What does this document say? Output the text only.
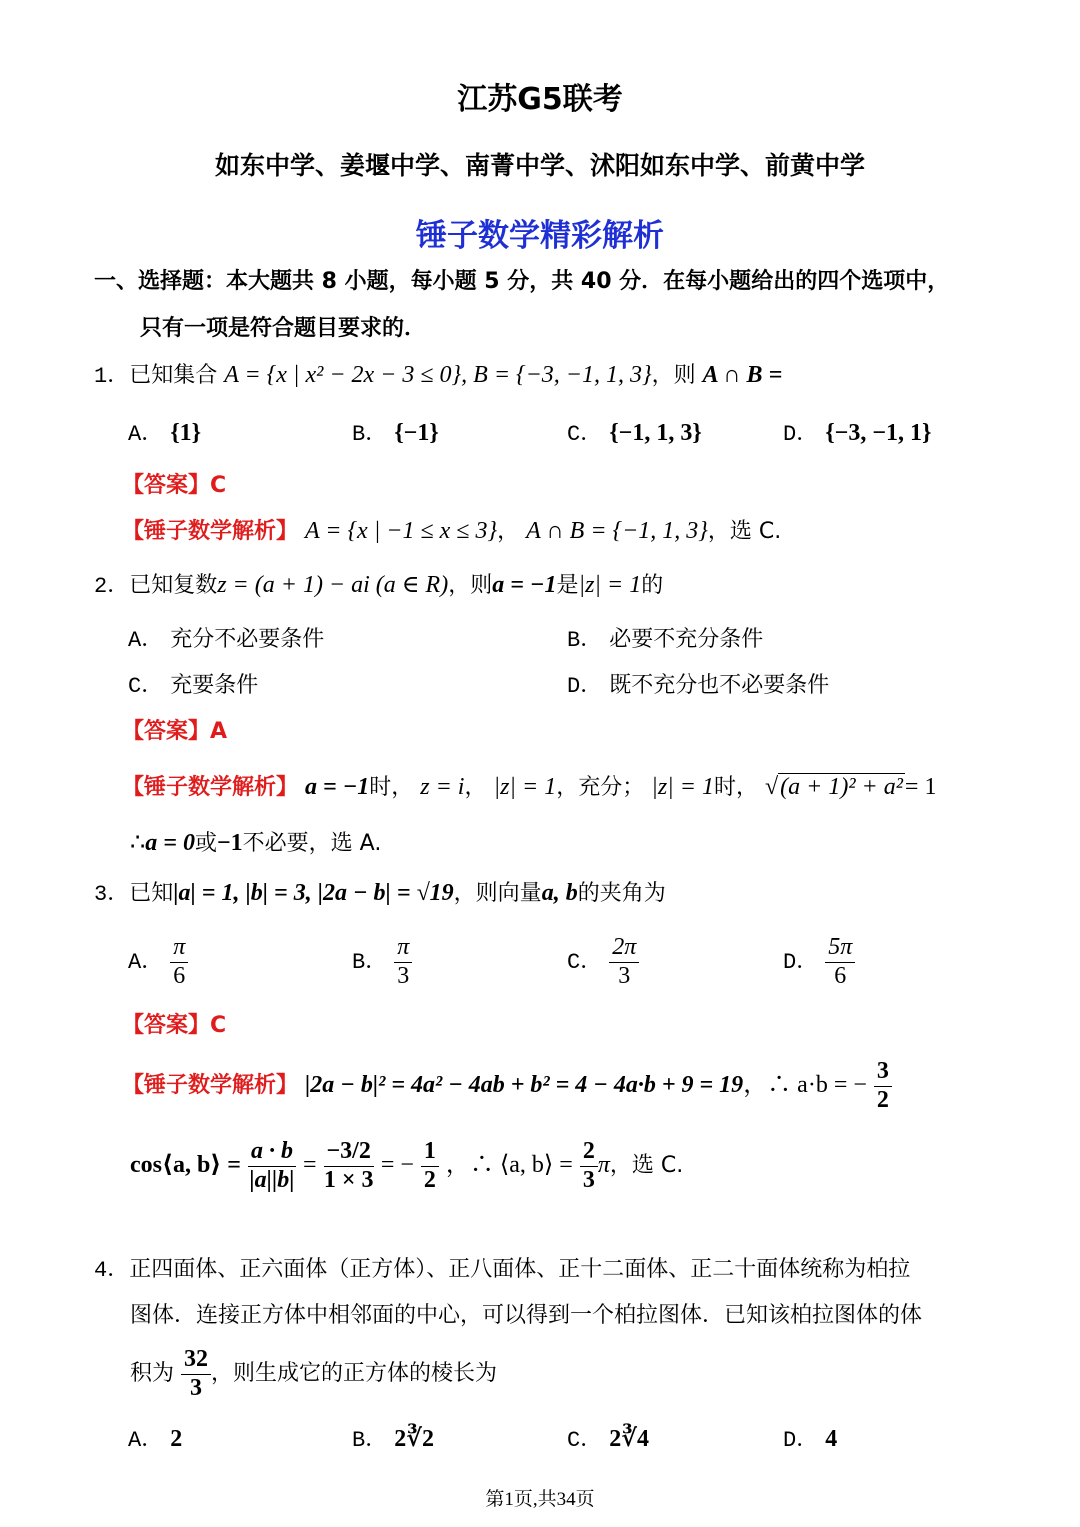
江苏G5联考
如东中学、姜堰中学、南菁中学、沭阳如东中学、前黄中学
锤子数学精彩解析
一、选择题：本大题共 8 小题，每小题 5 分，共 40 分．在每小题给出的四个选项中，
只有一项是符合题目要求的．
1．已知集合 A = {x | x² − 2x − 3 ≤ 0}, B = {−3, −1, 1, 3}，则 A ∩ B =
A． {1}	B． {−1}	C． {−1, 1, 3}	D． {−3, −1, 1}
【答案】C
【锤子数学解析】 A = {x | −1 ≤ x ≤ 3}， A ∩ B = {−1, 1, 3}，选 C.
2．已知复数z = (a + 1) − ai (a ∈ R)，则a = −1是|z| = 1的
A． 充分不必要条件	B． 必要不充分条件
C． 充要条件	D． 既不充分也不必要条件
【答案】A
【锤子数学解析】 a = −1时， z = i， |z| = 1，充分； |z| = 1时， √(a + 1)² + a²= 1
∴a = 0或−1不必要，选 A.
3．已知|a| = 1, |b| = 3, |2a − b| = √19，则向量a, b的夹角为
A． $\frac{\pi}{6}$	B． $\frac{\pi}{3}$	C． $\frac{2\pi}{3}$	D． $\frac{5\pi}{6}$
【答案】C
【锤子数学解析】 |2a − b|² = 4a² − 4ab + b² = 4 − 4a·b + 9 = 19，∴ a·b = − $\frac{3}{2}$
cos⟨a, b⟩ = $\frac{a \cdot b}{|a||b|} = \frac{-3/2}{1 \times 3}$ = − $\frac{1}{2}$ ，∴ ⟨a, b⟩ = $\frac{2}{3}$ π，选 C.
4．正四面体、正六面体（正方体）、正八面体、正十二面体、正二十面体统称为柏拉
图体．连接正方体中相邻面的中心，可以得到一个柏拉图体．已知该柏拉图体的体
积为 $\frac{32}{3}$ ，则生成它的正方体的棱长为
A． 2	B． 2∛2	C． 2∛4	D． 4
第1页,共34页
